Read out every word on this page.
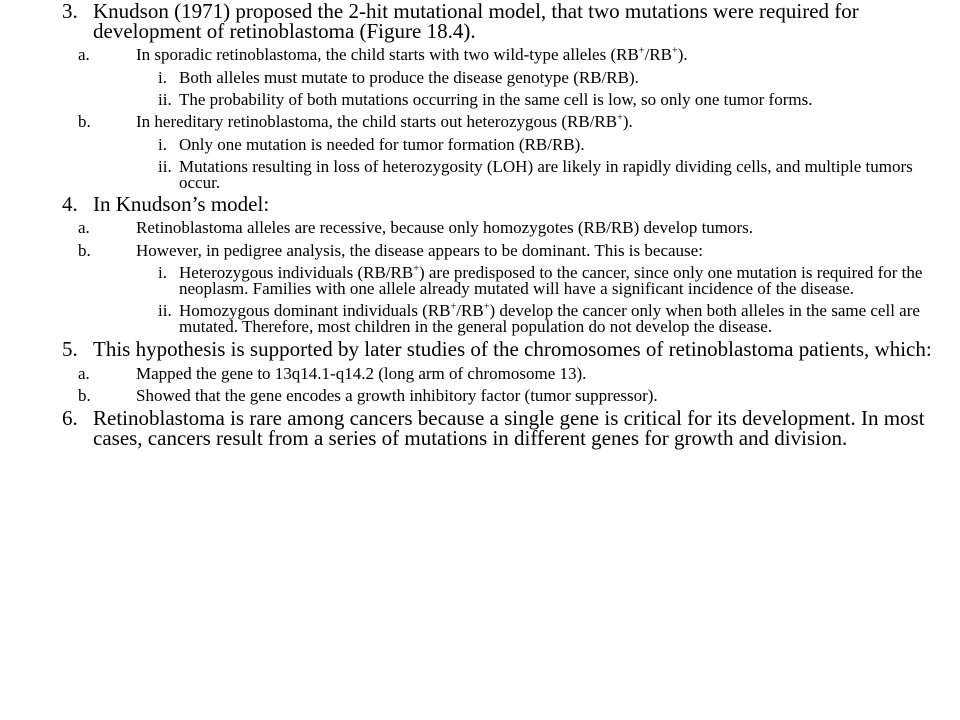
3. Knudson (1971) proposed the 2-hit mutational model, that two mutations were required for development of retinoblastoma (Figure 18.4).
a.	In sporadic retinoblastoma, the child starts with two wild-type alleles (RB+/RB+).
i. Both alleles must mutate to produce the disease genotype (RB/RB).
ii. The probability of both mutations occurring in the same cell is low, so only one tumor forms.
b.	In hereditary retinoblastoma, the child starts out heterozygous (RB/RB+).
i. Only one mutation is needed for tumor formation (RB/RB).
ii. Mutations resulting in loss of heterozygosity (LOH) are likely in rapidly dividing cells, and multiple tumors occur.
4. In Knudson’s model:
a.	Retinoblastoma alleles are recessive, because only homozygotes (RB/RB) develop tumors.
b.	However, in pedigree analysis, the disease appears to be dominant. This is because:
i. Heterozygous individuals (RB/RB+) are predisposed to the cancer, since only one mutation is required for the neoplasm. Families with one allele already mutated will have a significant incidence of the disease.
ii. Homozygous dominant individuals (RB+/RB+) develop the cancer only when both alleles in the same cell are mutated. Therefore, most children in the general population do not develop the disease.
5. This hypothesis is supported by later studies of the chromosomes of retinoblastoma patients, which:
a.	Mapped the gene to 13q14.1-q14.2 (long arm of chromosome 13).
b.	Showed that the gene encodes a growth inhibitory factor (tumor suppressor).
6. Retinoblastoma is rare among cancers because a single gene is critical for its development. In most cases, cancers result from a series of mutations in different genes for growth and division.
